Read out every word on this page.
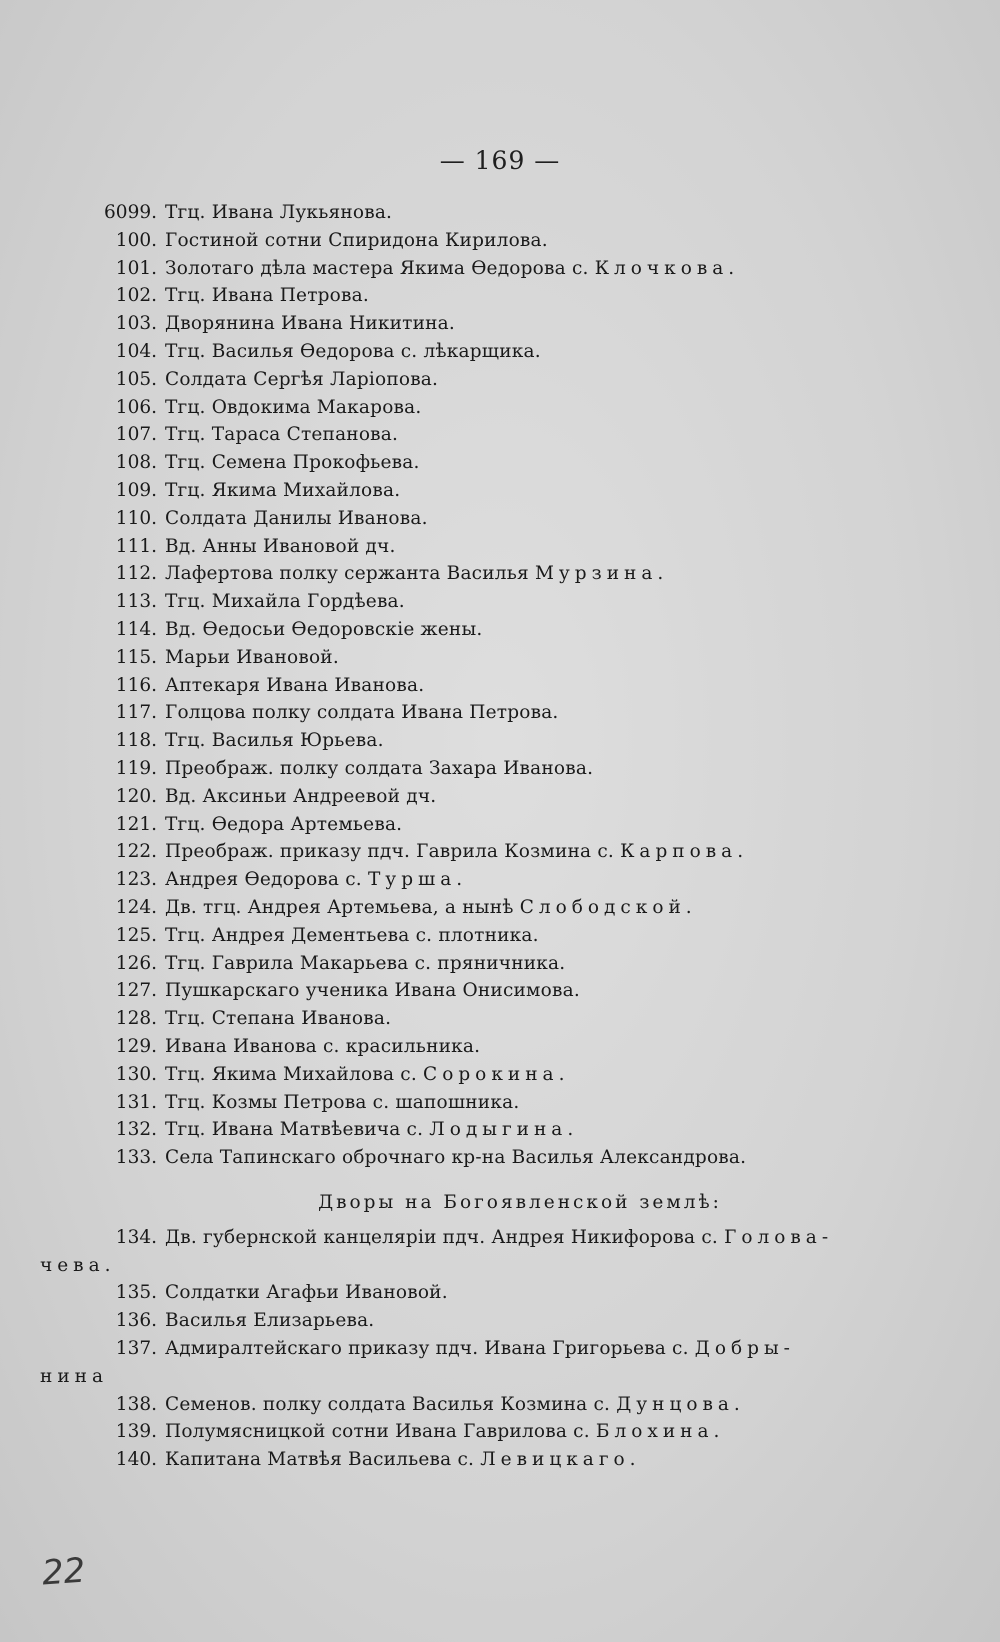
— 169 —
6099. Тгц. Ивана Лукьянова.
100. Гостиной сотни Спиридона Кирилова.
101. Золотаго дѣла мастера Якима Ѳедорова с. Клочкова.
102. Тгц. Ивана Петрова.
103. Дворянина Ивана Никитина.
104. Тгц. Василья Ѳедорова с. лѣкарщика.
105. Солдата Сергѣя Ларіопова.
106. Тгц. Овдокима Макарова.
107. Тгц. Тараса Степанова.
108. Тгц. Семена Прокофьева.
109. Тгц. Якима Михайлова.
110. Солдата Данилы Иванова.
111. Вд. Анны Ивановой дч.
112. Лафертова полку сержанта Василья Мурзина.
113. Тгц. Михайла Гордѣева.
114. Вд. Ѳедосьи Ѳедоровскіе жены.
115. Марьи Ивановой.
116. Аптекаря Ивана Иванова.
117. Голцова полку солдата Ивана Петрова.
118. Тгц. Василья Юрьева.
119. Преображ. полку солдата Захара Иванова.
120. Вд. Аксиньи Андреевой дч.
121. Тгц. Ѳедора Артемьева.
122. Преображ. приказу пдч. Гаврила Козмина с. Карпова.
123. Андрея Ѳедорова с. Турша.
124. Дв. тгц. Андрея Артемьева, а нынѣ Слободской.
125. Тгц. Андрея Дементьева с. плотника.
126. Тгц. Гаврила Макарьева с. пряничника.
127. Пушкарскаго ученика Ивана Онисимова.
128. Тгц. Степана Иванова.
129. Ивана Иванова с. красильника.
130. Тгц. Якима Михайлова с. Сорокина.
131. Тгц. Козмы Петрова с. шапошника.
132. Тгц. Ивана Матвѣевича с. Лодыгина.
133. Села Тапинскаго оброчнаго кр-на Василья Александрова.
Дворы на Богоявленской землѣ:
134. Дв. губернской канцеляріи пдч. Андрея Никифорова с. Голова-
чева.
135. Солдатки Агафьи Ивановой.
136. Василья Елизарьева.
137. Адмиралтейскаго приказу пдч. Ивана Григорьева с. Добры-
нина
138. Семенов. полку солдата Василья Козмина с. Дунцова.
139. Полумясницкой сотни Ивана Гаврилова с. Блохина.
140. Капитана Матвѣя Васильева с. Левицкаго.
22
